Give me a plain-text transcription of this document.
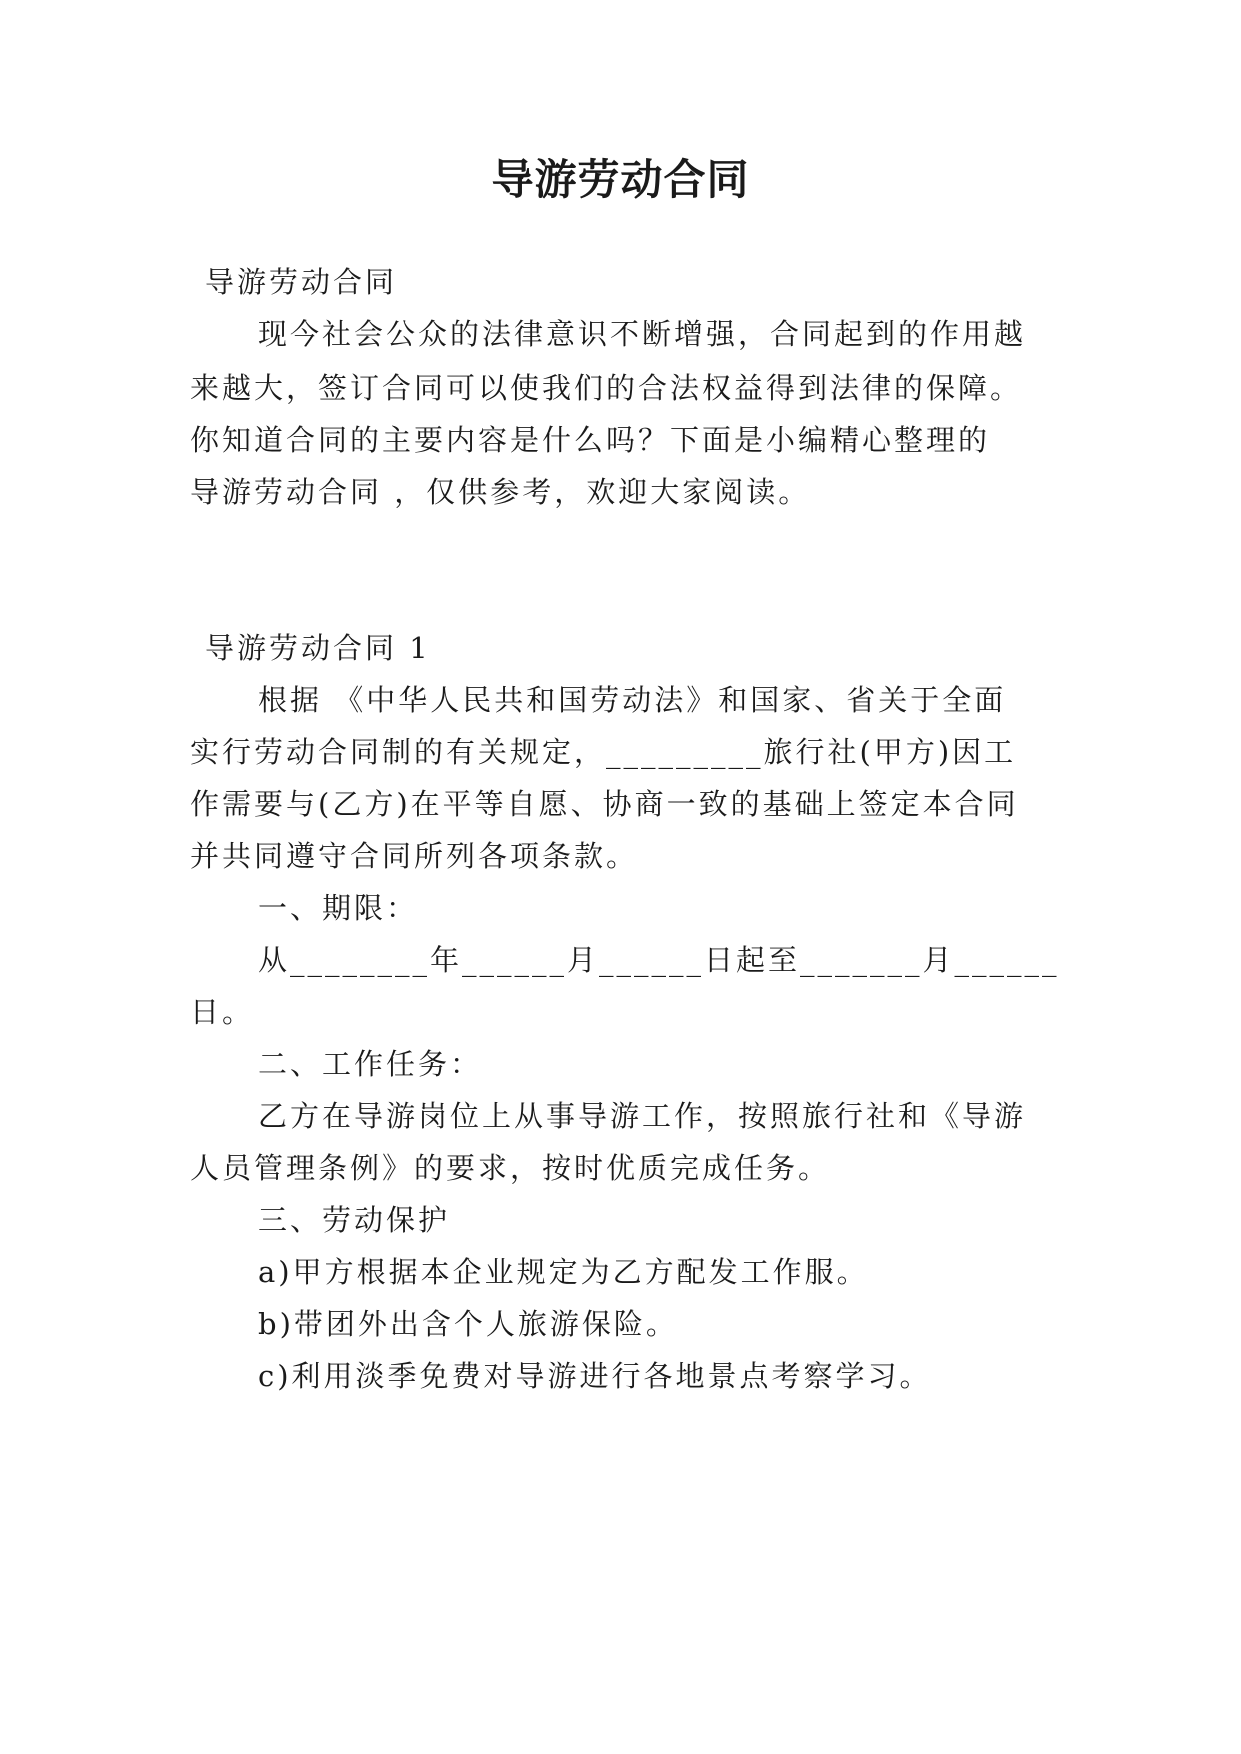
导游劳动合同
导游劳动合同
现今社会公众的法律意识不断增强，合同起到的作用越
来越大，签订合同可以使我们的合法权益得到法律的保障。
你知道合同的主要内容是什么吗？下面是小编精心整理的
导游劳动合同 ，仅供参考，欢迎大家阅读。
导游劳动合同 1
根据 《中华人民共和国劳动法》和国家、省关于全面
实行劳动合同制的有关规定，_________旅行社(甲方)因工
作需要与(乙方)在平等自愿、协商一致的基础上签定本合同
并共同遵守合同所列各项条款。
一、期限：
从________年______月______日起至_______月______
日。
二、工作任务：
乙方在导游岗位上从事导游工作，按照旅行社和《导游
人员管理条例》的要求，按时优质完成任务。
三、劳动保护
a)甲方根据本企业规定为乙方配发工作服。
b)带团外出含个人旅游保险。
c)利用淡季免费对导游进行各地景点考察学习。
